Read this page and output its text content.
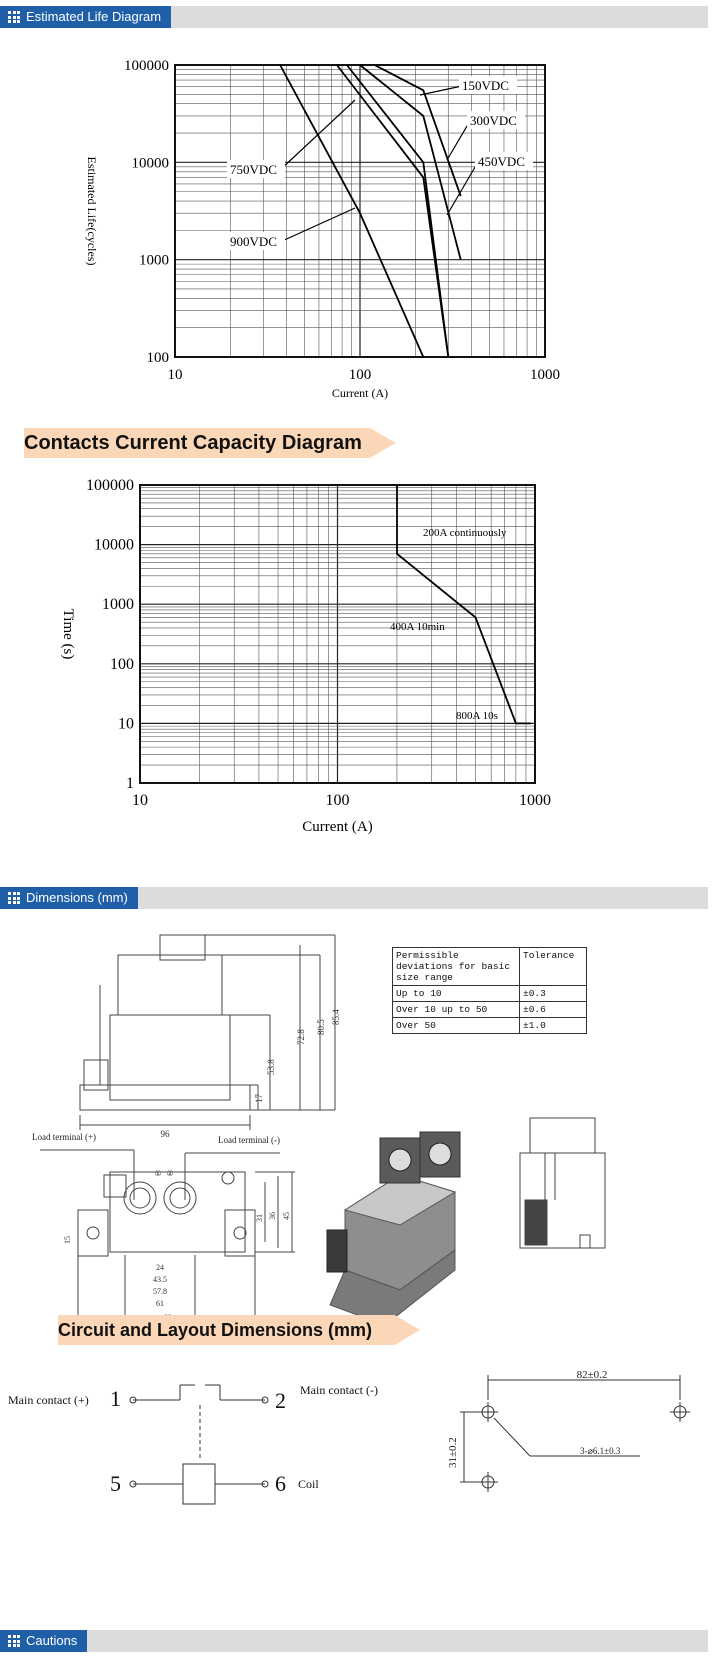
Estimated Life Diagram
10	100	1000
100000
10000
1000
100
Current (A)
Estimated Life(cycles)
150VDC
300VDC
450VDC
750VDC
900VDC
Contacts Current Capacity Diagram
10	100	1000
100000
10000
1000
100
10
1
Current (A)
Time (s)
200A continuously
400A 10min
800A 10s
Dimensions (mm)
96
17
53.8
72.8
80.5
85.4
Permissible deviations for basic size range	Tolerance
Up to 10	±0.3
Over 10 up to 50	±0.6
Over 50	±1.0
Load terminal (+)	Load terminal (-)
① ②
24
43.5
57.8
61
31 36 45
15
Circuit and Layout Dimensions (mm)
Main contact (+)
Main contact (-)
Coil
1	2
5	6
82±0.2
31±0.2	3-⌀6.1±0.3
Cautions
